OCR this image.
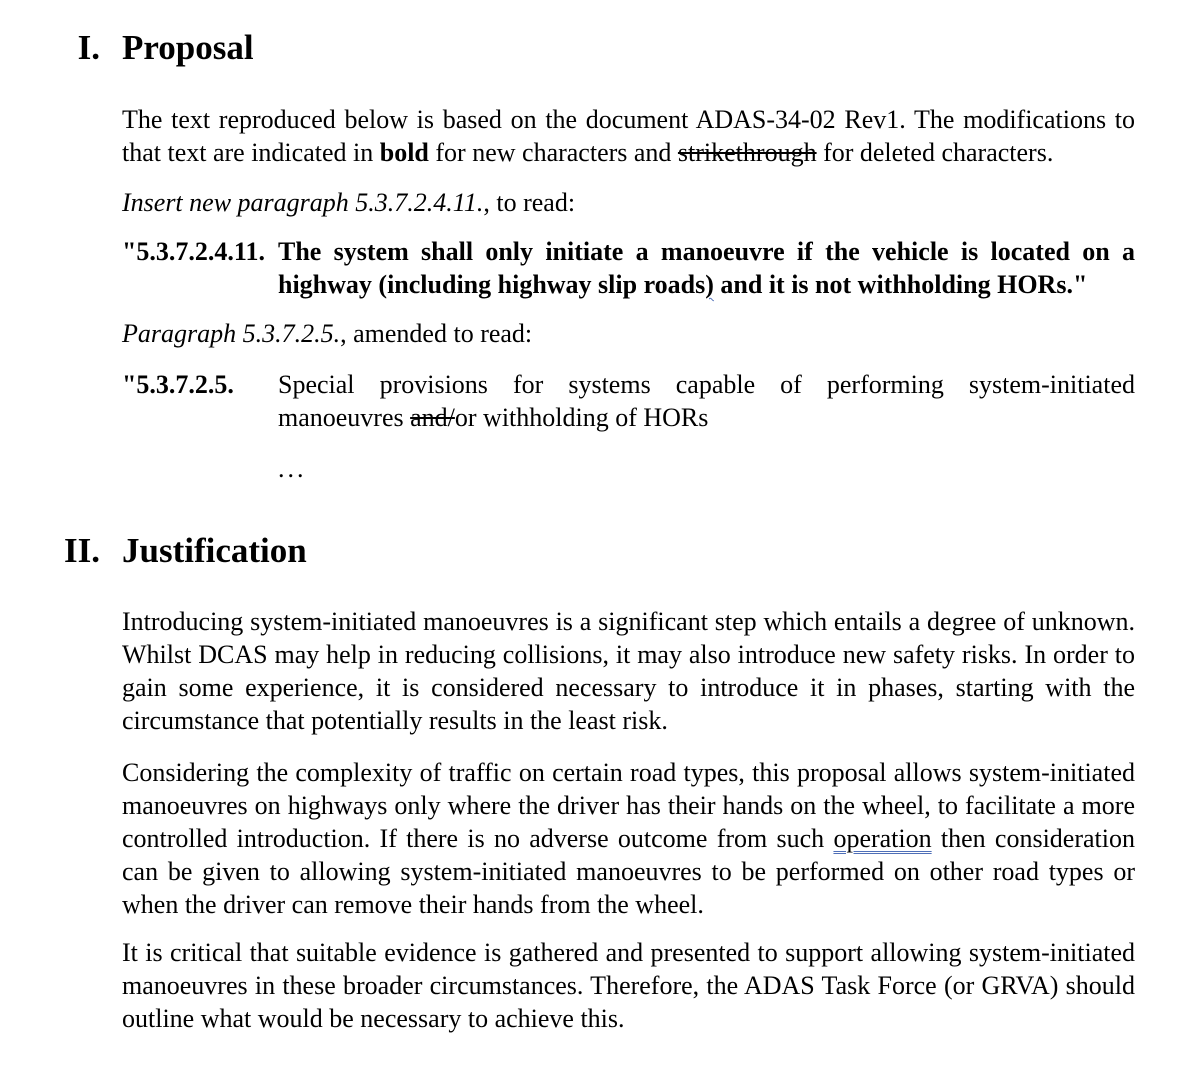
I. Proposal
The text reproduced below is based on the document ADAS-34-02 Rev1. The modifications to that text are indicated in bold for new characters and strikethrough for deleted characters.
Insert new paragraph 5.3.7.2.4.11., to read:
"5.3.7.2.4.11. The system shall only initiate a manoeuvre if the vehicle is located on a highway (including highway slip roads) and it is not withholding HORs."
Paragraph 5.3.7.2.5., amended to read:
"5.3.7.2.5. Special provisions for systems capable of performing system-initiated manoeuvres and/or withholding of HORs
...
II. Justification
Introducing system-initiated manoeuvres is a significant step which entails a degree of unknown. Whilst DCAS may help in reducing collisions, it may also introduce new safety risks. In order to gain some experience, it is considered necessary to introduce it in phases, starting with the circumstance that potentially results in the least risk.
Considering the complexity of traffic on certain road types, this proposal allows system-initiated manoeuvres on highways only where the driver has their hands on the wheel, to facilitate a more controlled introduction. If there is no adverse outcome from such operation then consideration can be given to allowing system-initiated manoeuvres to be performed on other road types or when the driver can remove their hands from the wheel.
It is critical that suitable evidence is gathered and presented to support allowing system-initiated manoeuvres in these broader circumstances. Therefore, the ADAS Task Force (or GRVA) should outline what would be necessary to achieve this.
